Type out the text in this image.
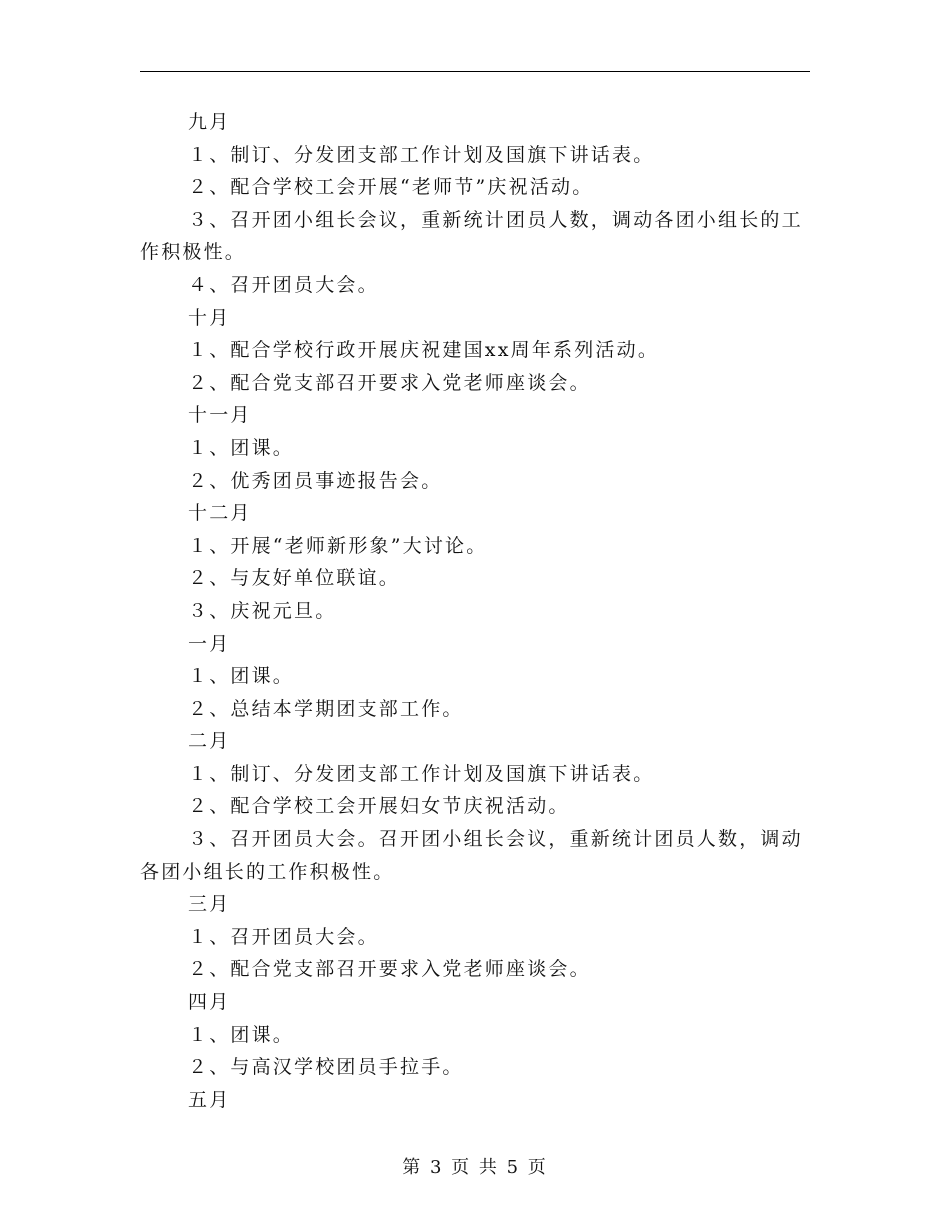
九月

１、制订、分发团支部工作计划及国旗下讲话表。

２、配合学校工会开展“老师节”庆祝活动。

３、召开团小组长会议，重新统计团员人数，调动各团小组长的工作积极性。

４、召开团员大会。

十月

１、配合学校行政开展庆祝建国xx周年系列活动。

２、配合党支部召开要求入党老师座谈会。

十一月

１、团课。

２、优秀团员事迹报告会。

十二月

１、开展“老师新形象”大讨论。

２、与友好单位联谊。

３、庆祝元旦。

一月

１、团课。

２、总结本学期团支部工作。

二月

１、制订、分发团支部工作计划及国旗下讲话表。

２、配合学校工会开展妇女节庆祝活动。

３、召开团员大会。召开团小组长会议，重新统计团员人数，调动各团小组长的工作积极性。

三月

１、召开团员大会。

２、配合党支部召开要求入党老师座谈会。

四月

１、团课。

２、与高汉学校团员手拉手。

五月

第 3 页 共 5 页
